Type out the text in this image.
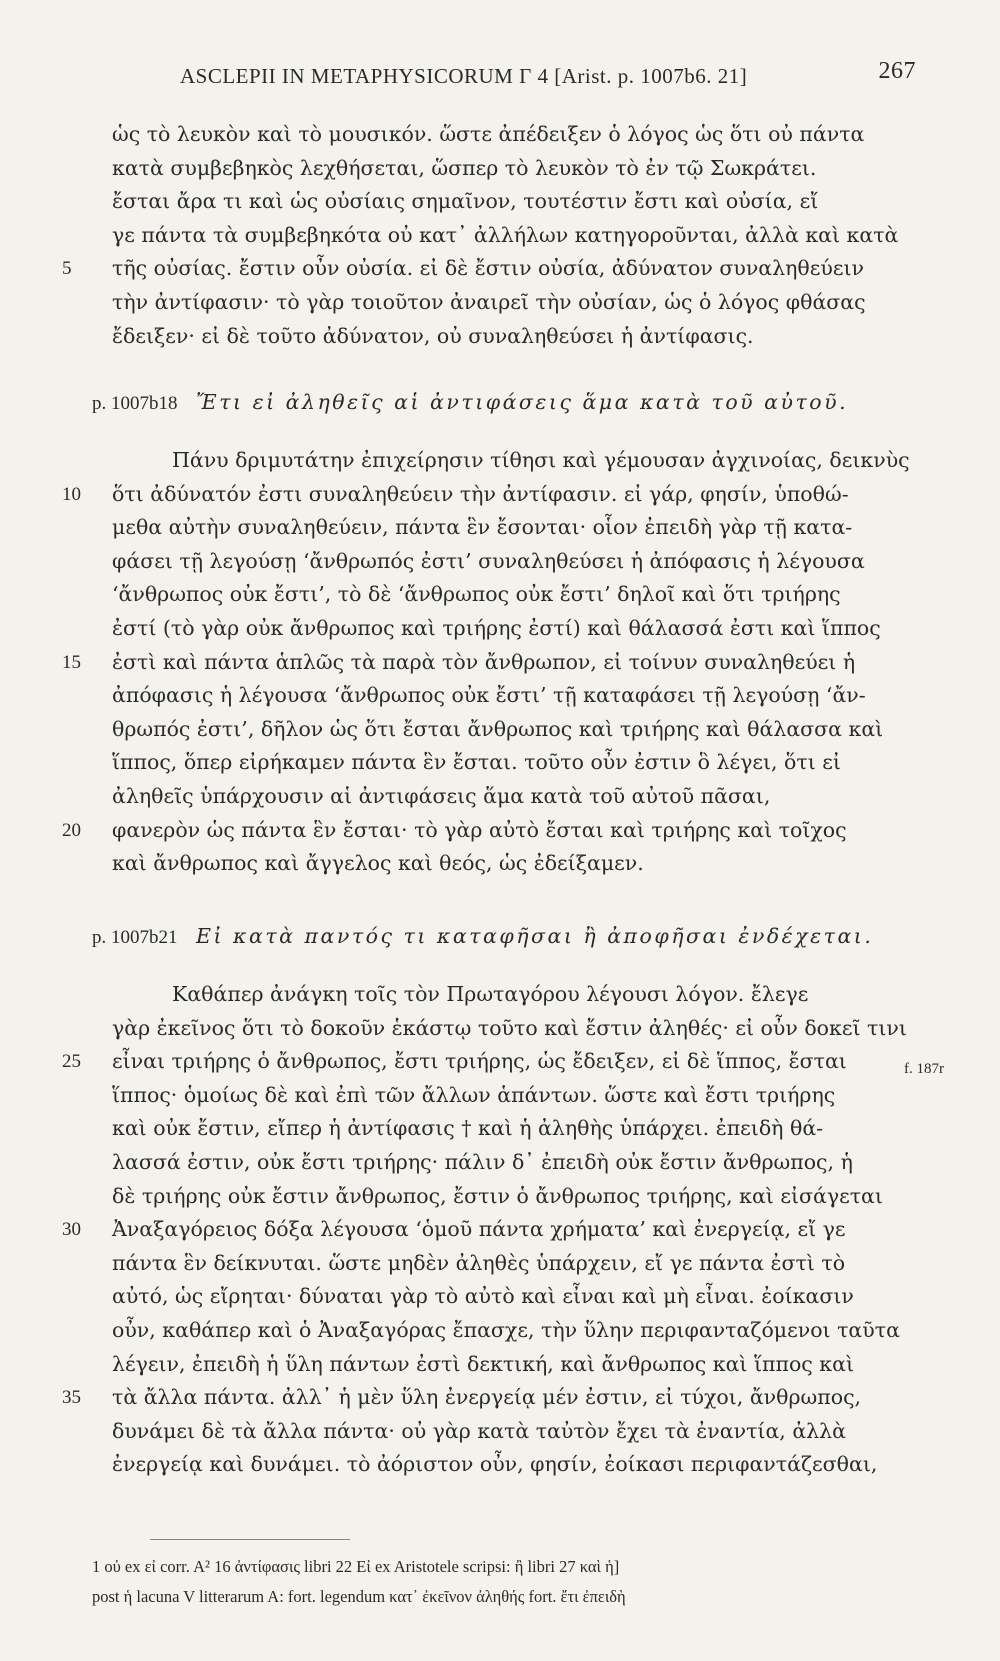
ASCLEPII IN METAPHYSICORUM Γ 4 [Arist. p. 1007b6. 21]	267
ὡς τὸ λευκὸν καὶ τὸ μουσικόν. ὥστε ἀπέδειξεν ὁ λόγος ὡς ὅτι οὐ πάντα
κατὰ συμβεβηκὸς λεχθήσεται, ὥσπερ τὸ λευκὸν τὸ ἐν τῷ Σωκράτει.
ἔσται ἄρα τι καὶ ὡς οὐσίαις σημαῖνον, τουτέστιν ἔστι καὶ οὐσία, εἴ
γε πάντα τὰ συμβεβηκότα οὐ κατ᾽ ἀλλήλων κατηγοροῦνται, ἀλλὰ καὶ κατὰ
5	τῆς οὐσίας. ἔστιν οὖν οὐσία. εἰ δὲ ἔστιν οὐσία, ἀδύνατον συναληθεύειν
τὴν ἀντίφασιν· τὸ γὰρ τοιοῦτον ἀναιρεῖ τὴν οὐσίαν, ὡς ὁ λόγος φθάσας
ἔδειξεν· εἰ δὲ τοῦτο ἀδύνατον, οὐ συναληθεύσει ἡ ἀντίφασις.
p. 1007b18 Ἔτι εἰ ἀληθεῖς αἱ ἀντιφάσεις ἅμα κατὰ τοῦ αὐτοῦ.
Πάνυ δριμυτάτην ἐπιχείρησιν τίθησι καὶ γέμουσαν ἀγχινοίας, δεικνὺς
10	ὅτι ἀδύνατόν ἐστι συναληθεύειν τὴν ἀντίφασιν. εἰ γάρ, φησίν, ὑποθώ-
μεθα αὐτὴν συναληθεύειν, πάντα ἓν ἔσονται· οἷον ἐπειδὴ γὰρ τῇ κατα-
φάσει τῇ λεγούσῃ ‘ἄνθρωπός ἐστι’ συναληθεύσει ἡ ἀπόφασις ἡ λέγουσα
‘ἄνθρωπος οὐκ ἔστι’, τὸ δὲ ‘ἄνθρωπος οὐκ ἔστι’ δηλοῖ καὶ ὅτι τριήρης
ἐστί (τὸ γὰρ οὐκ ἄνθρωπος καὶ τριήρης ἐστί) καὶ θάλασσά ἐστι καὶ ἵππος
15	ἐστὶ καὶ πάντα ἁπλῶς τὰ παρὰ τὸν ἄνθρωπον, εἰ τοίνυν συναληθεύει ἡ
ἀπόφασις ἡ λέγουσα ‘ἄνθρωπος οὐκ ἔστι’ τῇ καταφάσει τῇ λεγούσῃ ‘ἄν-
θρωπός ἐστι’, δῆλον ὡς ὅτι ἔσται ἄνθρωπος καὶ τριήρης καὶ θάλασσα καὶ
ἵππος, ὅπερ εἰρήκαμεν πάντα ἓν ἔσται. τοῦτο οὖν ἐστιν ὃ λέγει, ὅτι εἰ
ἀληθεῖς ὑπάρχουσιν αἱ ἀντιφάσεις ἅμα κατὰ τοῦ αὐτοῦ πᾶσαι,
20	φανερὸν ὡς πάντα ἓν ἔσται· τὸ γὰρ αὐτὸ ἔσται καὶ τριήρης καὶ τοῖχος
καὶ ἄνθρωπος καὶ ἄγγελος καὶ θεός, ὡς ἐδείξαμεν.
p. 1007b21 Εἰ κατὰ παντός τι καταφῆσαι ἢ ἀποφῆσαι ἐνδέχεται.
Καθάπερ ἀνάγκη τοῖς τὸν Πρωταγόρου λέγουσι λόγον. ἔλεγε
γὰρ ἐκεῖνος ὅτι τὸ δοκοῦν ἑκάστῳ τοῦτο καὶ ἔστιν ἀληθές· εἰ οὖν δοκεῖ τινι
25	εἶναι τριήρης ὁ ἄνθρωπος, ἔστι τριήρης, ὡς ἔδειξεν, εἰ δὲ ἵππος, ἔσται
ἵππος· ὁμοίως δὲ καὶ ἐπὶ τῶν ἄλλων ἁπάντων. ὥστε καὶ ἔστι τριήρης
καὶ οὐκ ἔστιν, εἴπερ ἡ ἀντίφασις † καὶ ἡ ἀληθὴς ὑπάρχει. ἐπειδὴ θά-
λασσά ἐστιν, οὐκ ἔστι τριήρης· πάλιν δ᾽ ἐπειδὴ οὐκ ἔστιν ἄνθρωπος, ἡ
δὲ τριήρης οὐκ ἔστιν ἄνθρωπος, ἔστιν ὁ ἄνθρωπος τριήρης, καὶ εἰσάγεται
30	Ἀναξαγόρειος δόξα λέγουσα ‘ὁμοῦ πάντα χρήματα’ καὶ ἐνεργείᾳ, εἴ γε
πάντα ἓν δείκνυται. ὥστε μηδὲν ἀληθὲς ὑπάρχειν, εἴ γε πάντα ἐστὶ τὸ
αὐτό, ὡς εἴρηται· δύναται γὰρ τὸ αὐτὸ καὶ εἶναι καὶ μὴ εἶναι. ἐοίκασιν
οὖν, καθάπερ καὶ ὁ Ἀναξαγόρας ἔπασχε, τὴν ὕλην περιφανταζόμενοι ταῦτα
λέγειν, ἐπειδὴ ἡ ὕλη πάντων ἐστὶ δεκτική, καὶ ἄνθρωπος καὶ ἵππος καὶ
35	τὰ ἄλλα πάντα. ἀλλ᾽ ἡ μὲν ὕλη ἐνεργείᾳ μέν ἐστιν, εἰ τύχοι, ἄνθρωπος,
δυνάμει δὲ τὰ ἄλλα πάντα· οὐ γὰρ κατὰ ταὐτὸν ἔχει τὰ ἐναντία, ἀλλὰ
ἐνεργείᾳ καὶ δυνάμει. τὸ ἀόριστον οὖν, φησίν, ἐοίκασι περιφαντάζεσθαι,
f. 187r
1 οὐ ex εἰ corr. A² 16 ἀντίφασις libri 22 Εἰ ex Aristotele scripsi: ἢ libri 27 καὶ ἡ]
post ἡ lacuna V litterarum A: fort. legendum κατ᾽ ἐκεῖνον ἀληθής fort. ἔτι ἐπειδὴ
